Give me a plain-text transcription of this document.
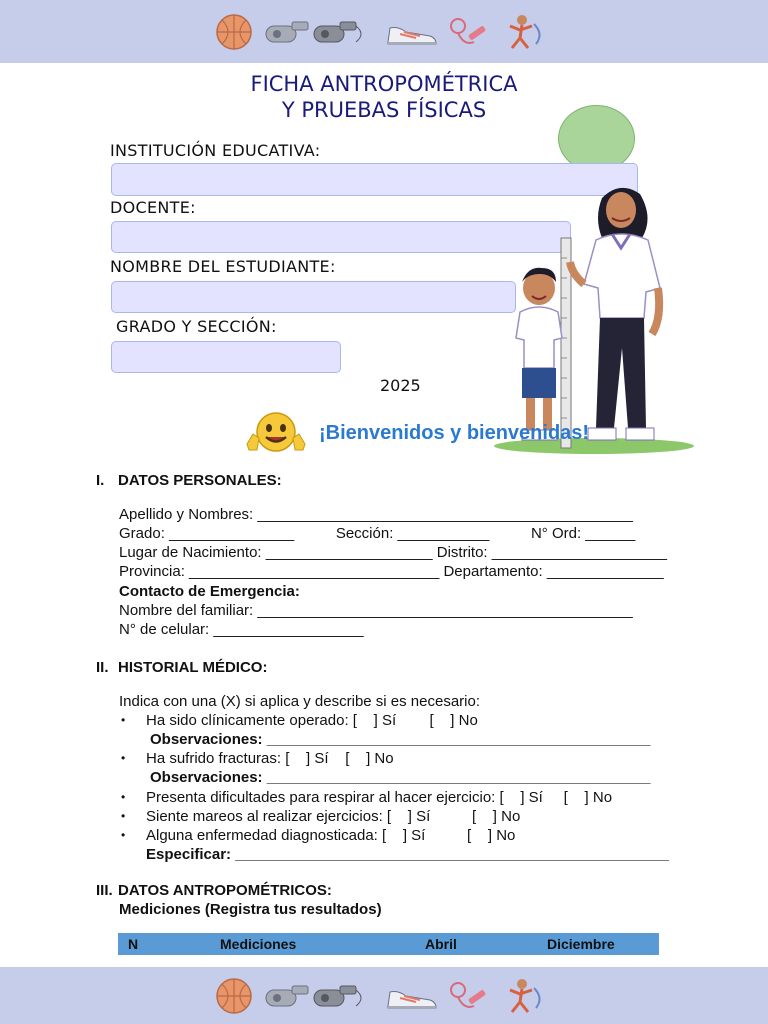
FICHA ANTROPOMÉTRICA
Y PRUEBAS FÍSICAS
INSTITUCIÓN EDUCATIVA:
DOCENTE:
NOMBRE DEL ESTUDIANTE:
GRADO Y SECCIÓN:
2025
¡Bienvenidos y bienvenidas!
I. DATOS PERSONALES:
Apellido y Nombres: _____________________________________________
Grado: _______________          Sección: ___________          N° Ord: ______
Lugar de Nacimiento: ____________________ Distrito: _____________________
Provincia: ______________________________ Departamento: ______________
Contacto de Emergencia:
Nombre del familiar: _____________________________________________
N° de celular: __________________
II. HISTORIAL MÉDICO:
Indica con una (X) si aplica y describe si es necesario:
• Ha sido clínicamente operado: [    ] Sí        [    ] No
Observaciones: ______________________________________________
• Ha sufrido fracturas: [    ] Sí    [    ] No
Observaciones: ______________________________________________
• Presenta dificultades para respirar al hacer ejercicio: [    ] Sí     [    ] No
• Siente mareos al realizar ejercicios: [    ] Sí          [    ] No
• Alguna enfermedad diagnosticada: [    ] Sí          [    ] No
Especificar: ____________________________________________________
III. DATOS ANTROPOMÉTRICOS:
Mediciones (Registra tus resultados)
N	Mediciones	Abril	Diciembre
